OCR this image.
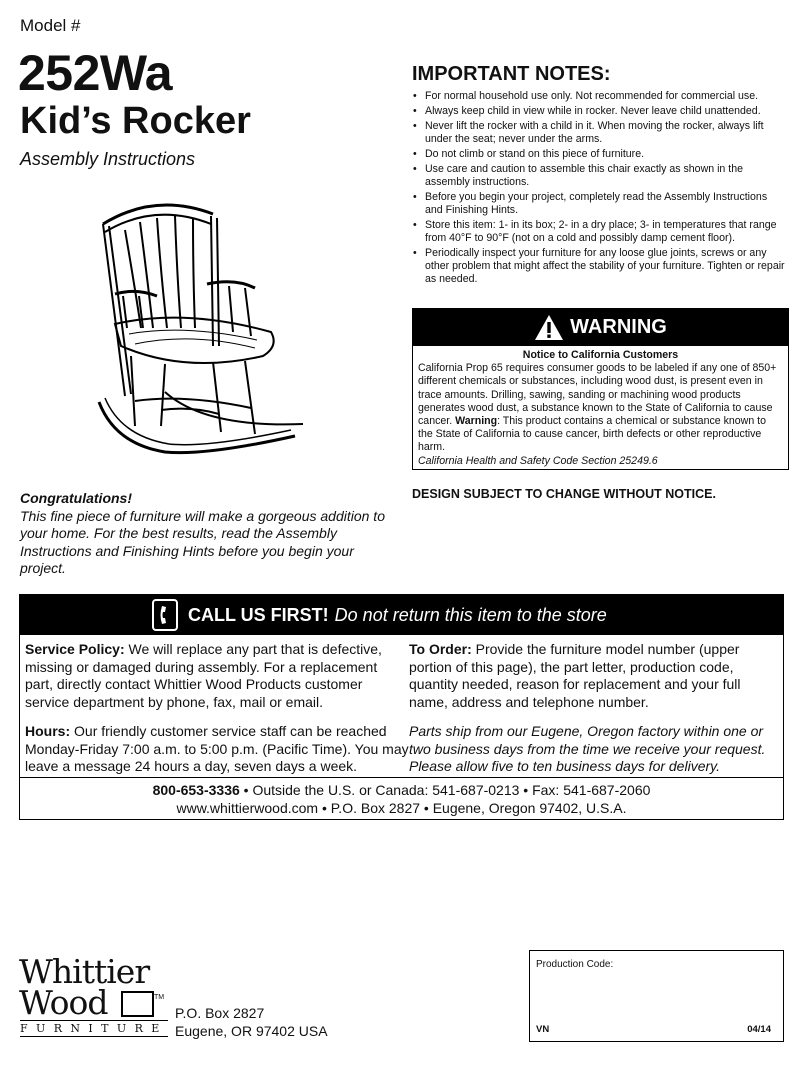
Model #
252Wa
Kid’s Rocker
Assembly Instructions
IMPORTANT NOTES:
• For normal household use only. Not recommended for commercial use.
• Always keep child in view while in rocker. Never leave child unattended.
• Never lift the rocker with a child in it. When moving the rocker, always lift under the seat; never under the arms.
• Do not climb or stand on this piece of furniture.
• Use care and caution to assemble this chair exactly as shown in the assembly instructions.
• Before you begin your project, completely read the Assembly Instructions and Finishing Hints.
• Store this item: 1- in its box; 2- in a dry place; 3- in temperatures that range from 40°F to 90°F (not on a cold and possibly damp cement floor).
• Periodically inspect your furniture for any loose glue joints, screws or any other problem that might affect the stability of your furniture. Tighten or repair as needed.
WARNING
Notice to California Customers
California Prop 65 requires consumer goods to be labeled if any one of 850+ different chemicals or substances, including wood dust, is present even in trace amounts. Drilling, sawing, sanding or machining wood products generates wood dust, a substance known to the State of California to cause cancer. Warning: This product contains a chemical or substance known to the State of California to cause cancer, birth defects or other reproductive harm.
California Health and Safety Code Section 25249.6
DESIGN SUBJECT TO CHANGE WITHOUT NOTICE.
Congratulations!
This fine piece of furniture will make a gorgeous addition to your home. For the best results, read the Assembly Instructions and Finishing Hints before you begin your project.
CALL US FIRST! Do not return this item to the store

Service Policy: We will replace any part that is defective, missing or damaged during assembly. For a replacement part, directly contact Whittier Wood Products customer service department by phone, fax, mail or email.

Hours: Our friendly customer service staff can be reached Monday-Friday 7:00 a.m. to 5:00 p.m. (Pacific Time). You may leave a message 24 hours a day, seven days a week.

To Order: Provide the furniture model number (upper portion of this page), the part letter, production code, quantity needed, reason for replacement and your full name, address and telephone number.

Parts ship from our Eugene, Oregon factory within one or two business days from the time we receive your request. Please allow five to ten business days for delivery.

800-653-3336 • Outside the U.S. or Canada: 541-687-0213 • Fax: 541-687-2060
www.whittierwood.com • P.O. Box 2827 • Eugene, Oregon 97402, U.S.A.
Whittier
Wood	TM
FURNITURE
P.O. Box 2827
Eugene, OR 97402 USA
Production Code:
VN	04/14
